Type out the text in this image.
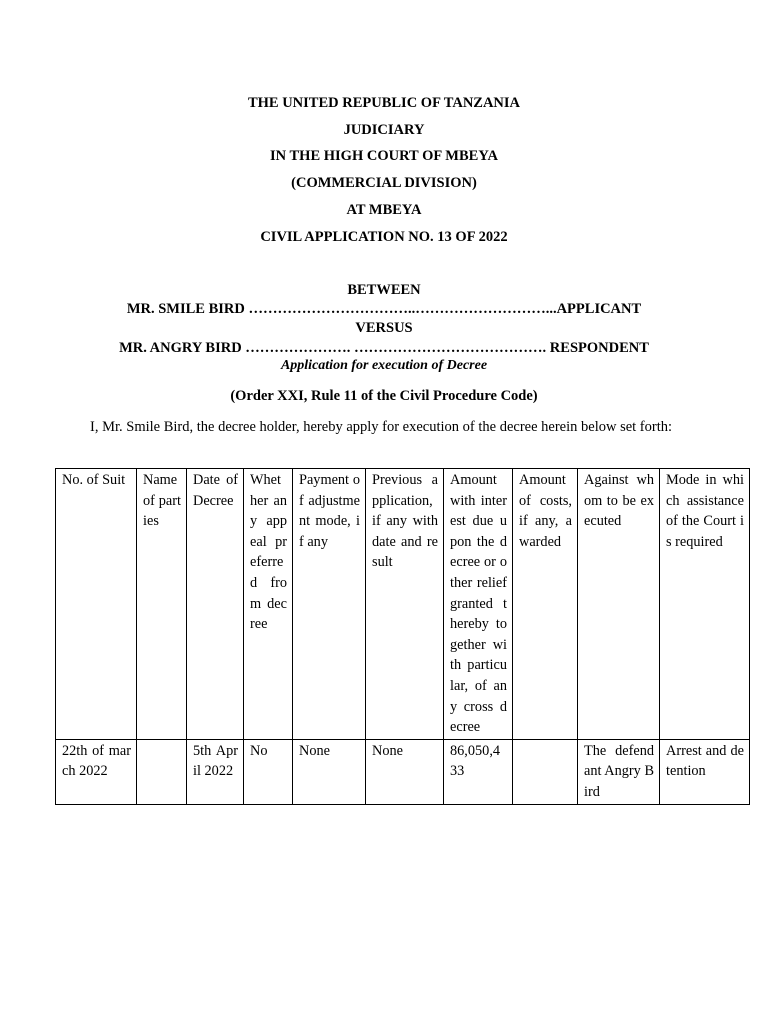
THE UNITED REPUBLIC OF TANZANIA
JUDICIARY
IN THE HIGH COURT OF MBEYA
(COMMERCIAL DIVISION)
AT MBEYA
CIVIL APPLICATION NO. 13 OF 2022
BETWEEN
MR. SMILE BIRD ……………………………..………………………...APPLICANT
VERSUS
MR. ANGRY BIRD …………………. …………………………………. RESPONDENT
Application for execution of Decree
(Order XXI, Rule 11 of the Civil Procedure Code)

I, Mr. Smile Bird, the decree holder, hereby apply for execution of the decree herein below set forth:

No. of Suit	Name of parties	Date of Decree	Whether any appeal preferred from decree	Payment of adjustment mode, if any	Previous application, if any with date and result	Amount with interest due upon the decree or other relief granted thereby together with particular, of any cross decree	Amount of costs, if any, awarded	Against whom to be executed	Mode in which assistance of the Court is required
22th of march 2022		5th April 2022	No	None	None	86,050,433		The defendant Angry Bird	Arrest and detention
